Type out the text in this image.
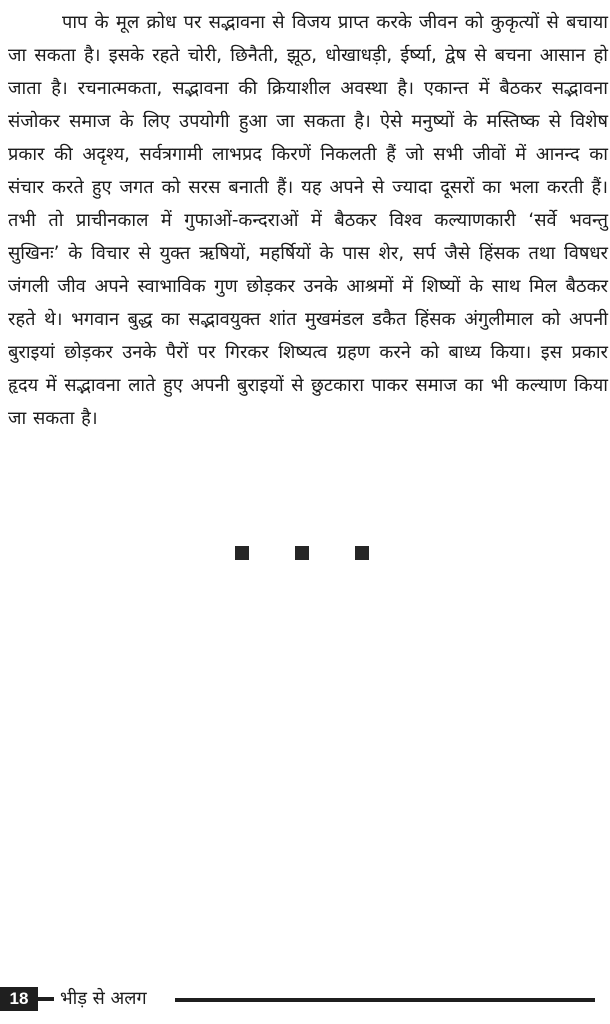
पाप के मूल क्रोध पर सद्भावना से विजय प्राप्त करके जीवन को कुकृत्यों से बचाया जा सकता है। इसके रहते चोरी, छिनैती, झूठ, धोखाधड़ी, ईर्ष्या, द्वेष से बचना आसान हो जाता है। रचनात्मकता, सद्भावना की क्रियाशील अवस्था है। एकान्त में बैठकर सद्भावना संजोकर समाज के लिए उपयोगी हुआ जा सकता है। ऐसे मनुष्यों के मस्तिष्क से विशेष प्रकार की अदृश्य, सर्वत्रगामी लाभप्रद किरणें निकलती हैं जो सभी जीवों में आनन्द का संचार करते हुए जगत को सरस बनाती हैं। यह अपने से ज्यादा दूसरों का भला करती हैं। तभी तो प्राचीनकाल में गुफाओं-कन्दराओं में बैठकर विश्व कल्याणकारी ‘सर्वे भवन्तु सुखिनः’ के विचार से युक्त ऋषियों, महर्षियों के पास शेर, सर्प जैसे हिंसक तथा विषधर जंगली जीव अपने स्वाभाविक गुण छोड़कर उनके आश्रमों में शिष्यों के साथ मिल बैठकर रहते थे। भगवान बुद्ध का सद्भावयुक्त शांत मुखमंडल डकैत हिंसक अंगुलीमाल को अपनी बुराइयां छोड़कर उनके पैरों पर गिरकर शिष्यत्व ग्रहण करने को बाध्य किया। इस प्रकार हृदय में सद्भावना लाते हुए अपनी बुराइयों से छुटकारा पाकर समाज का भी कल्याण किया जा सकता है।

18	भीड़ से अलग
